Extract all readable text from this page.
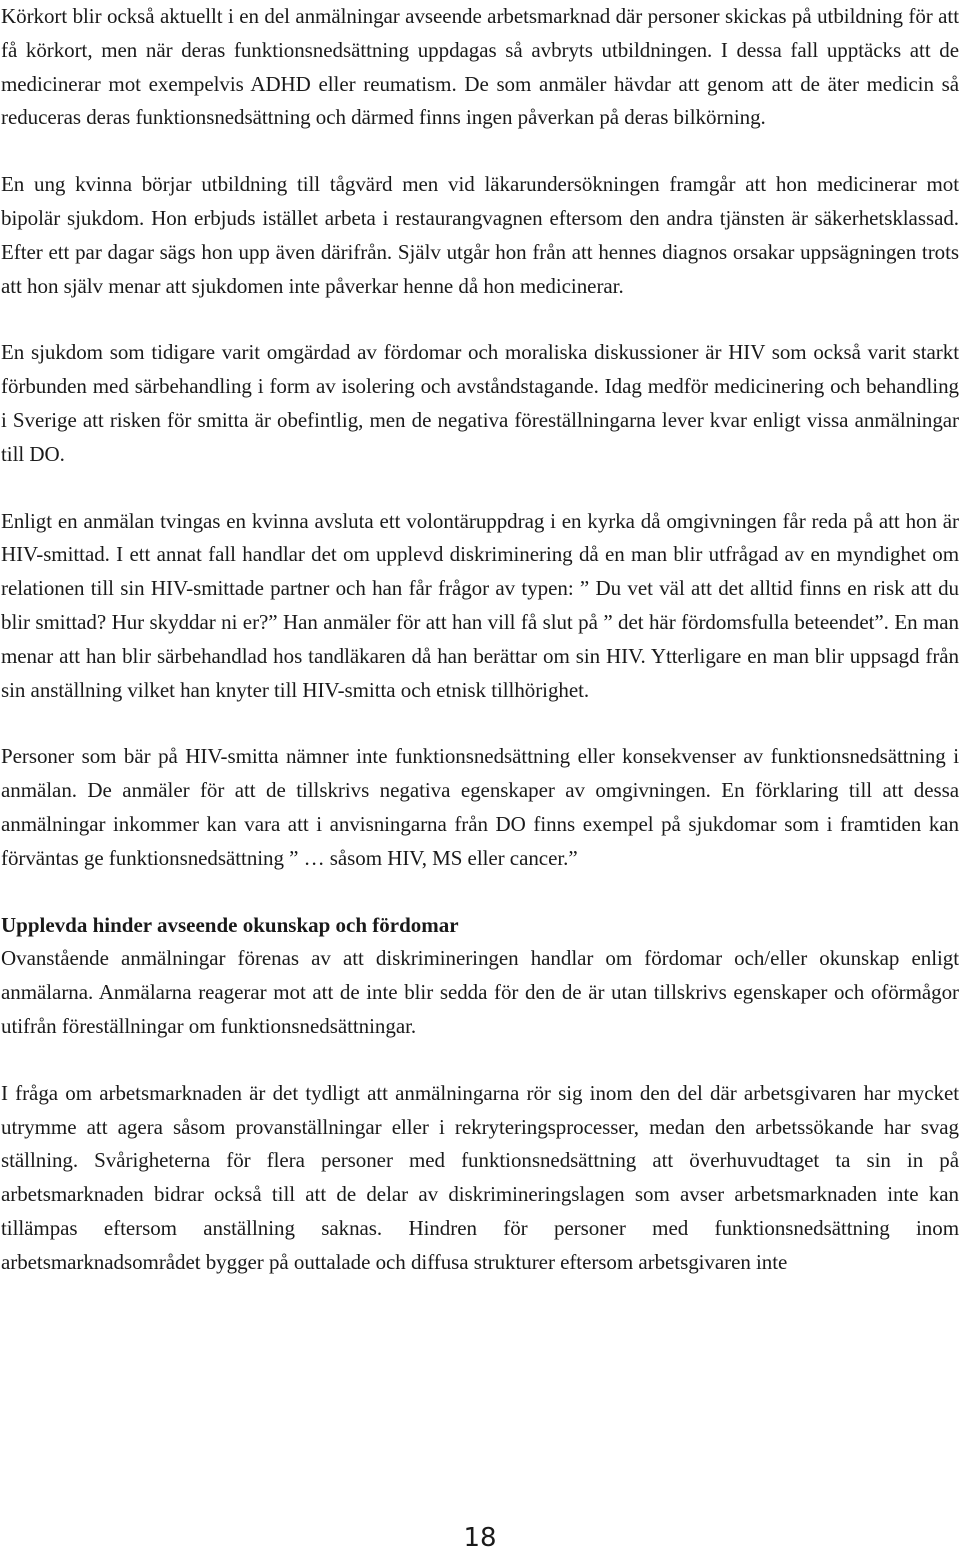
Körkort blir också aktuellt i en del anmälningar avseende arbetsmarknad där personer skickas på utbildning för att få körkort, men när deras funktionsnedsättning uppdagas så avbryts utbildningen. I dessa fall upptäcks att de medicinerar mot exempelvis ADHD eller reumatism. De som anmäler hävdar att genom att de äter medicin så reduceras deras funktionsnedsättning och därmed finns ingen påverkan på deras bilkörning.

En ung kvinna börjar utbildning till tågvärd men vid läkarundersökningen framgår att hon medicinerar mot bipolär sjukdom. Hon erbjuds istället arbeta i restaurangvagnen eftersom den andra tjänsten är säkerhetsklassad. Efter ett par dagar sägs hon upp även därifrån. Själv utgår hon från att hennes diagnos orsakar uppsägningen trots att hon själv menar att sjukdomen inte påverkar henne då hon medicinerar.

En sjukdom som tidigare varit omgärdad av fördomar och moraliska diskussioner är HIV som också varit starkt förbunden med särbehandling i form av isolering och avståndstagande. Idag medför medicinering och behandling i Sverige att risken för smitta är obefintlig, men de negativa föreställningarna lever kvar enligt vissa anmälningar till DO.

Enligt en anmälan tvingas en kvinna avsluta ett volontäruppdrag i en kyrka då omgivningen får reda på att hon är HIV-smittad. I ett annat fall handlar det om upplevd diskriminering då en man blir utfrågad av en myndighet om relationen till sin HIV-smittade partner och han får frågor av typen: ” Du vet väl att det alltid finns en risk att du blir smittad? Hur skyddar ni er?” Han anmäler för att han vill få slut på ” det här fördomsfulla beteendet”. En man menar att han blir särbehandlad hos tandläkaren då han berättar om sin HIV. Ytterligare en man blir uppsagd från sin anställning vilket han knyter till HIV-smitta och etnisk tillhörighet.

Personer som bär på HIV-smitta nämner inte funktionsnedsättning eller konsekvenser av funktionsnedsättning i anmälan. De anmäler för att de tillskrivs negativa egenskaper av omgivningen. En förklaring till att dessa anmälningar inkommer kan vara att i anvisningarna från DO finns exempel på sjukdomar som i framtiden kan förväntas ge funktionsnedsättning ” … såsom HIV, MS eller cancer.”

Upplevda hinder avseende okunskap och fördomar

Ovanstående anmälningar förenas av att diskrimineringen handlar om fördomar och/eller okunskap enligt anmälarna. Anmälarna reagerar mot att de inte blir sedda för den de är utan tillskrivs egenskaper och oförmågor utifrån föreställningar om funktionsnedsättningar.

I fråga om arbetsmarknaden är det tydligt att anmälningarna rör sig inom den del där arbetsgivaren har mycket utrymme att agera såsom provanställningar eller i rekryteringsprocesser, medan den arbetssökande har svag ställning. Svårigheterna för flera personer med funktionsnedsättning att överhuvudtaget ta sin in på arbetsmarknaden bidrar också till att de delar av diskrimineringslagen som avser arbetsmarknaden inte kan tillämpas eftersom anställning saknas. Hindren för personer med funktionsnedsättning inom arbetsmarknadsområdet bygger på outtalade och diffusa strukturer eftersom arbetsgivaren inte

18
